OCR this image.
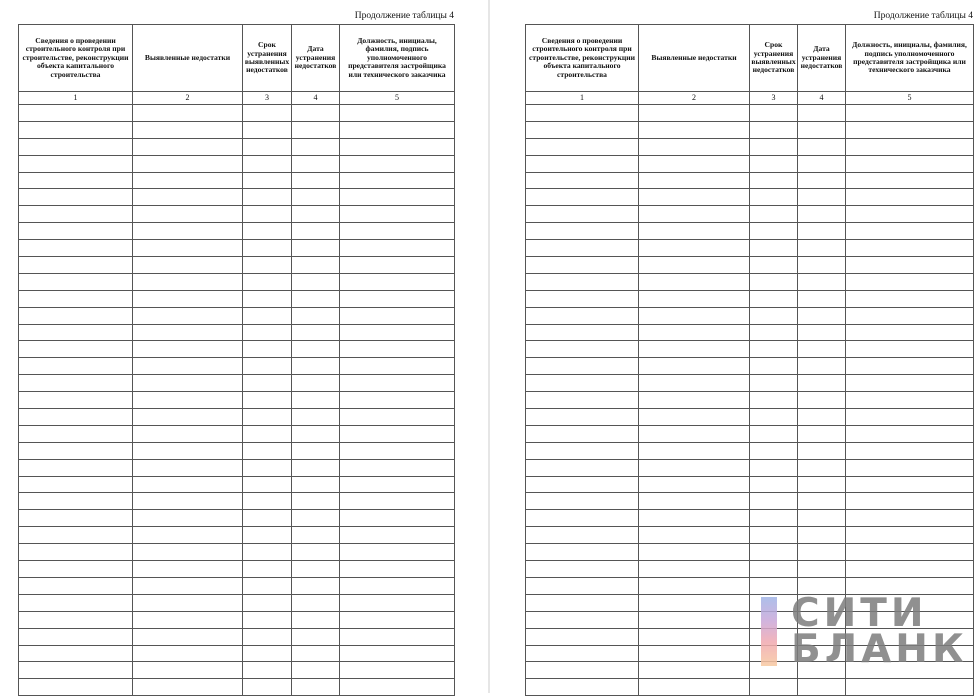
Продолжение таблицы 4
Сведения о проведении строительного контроля при строительстве, реконструкции объекта капитального строительства	Выявленные недостатки	Срок устранения выявленных недостатков	Дата устранения недостатков	Должность, инициалы, фамилия, подпись уполномоченного представителя застройщика или технического заказчика
1	2	3	4	5

Продолжение таблицы 4
Сведения о проведении строительного контроля при строительстве, реконструкции объекта капитального строительства	Выявленные недостатки	Срок устранения выявленных недостатков	Дата устранения недостатков	Должность, инициалы, фамилия, подпись уполномоченного представителя застройщика или технического заказчика
1	2	3	4	5

СИТИ
БЛАНК
